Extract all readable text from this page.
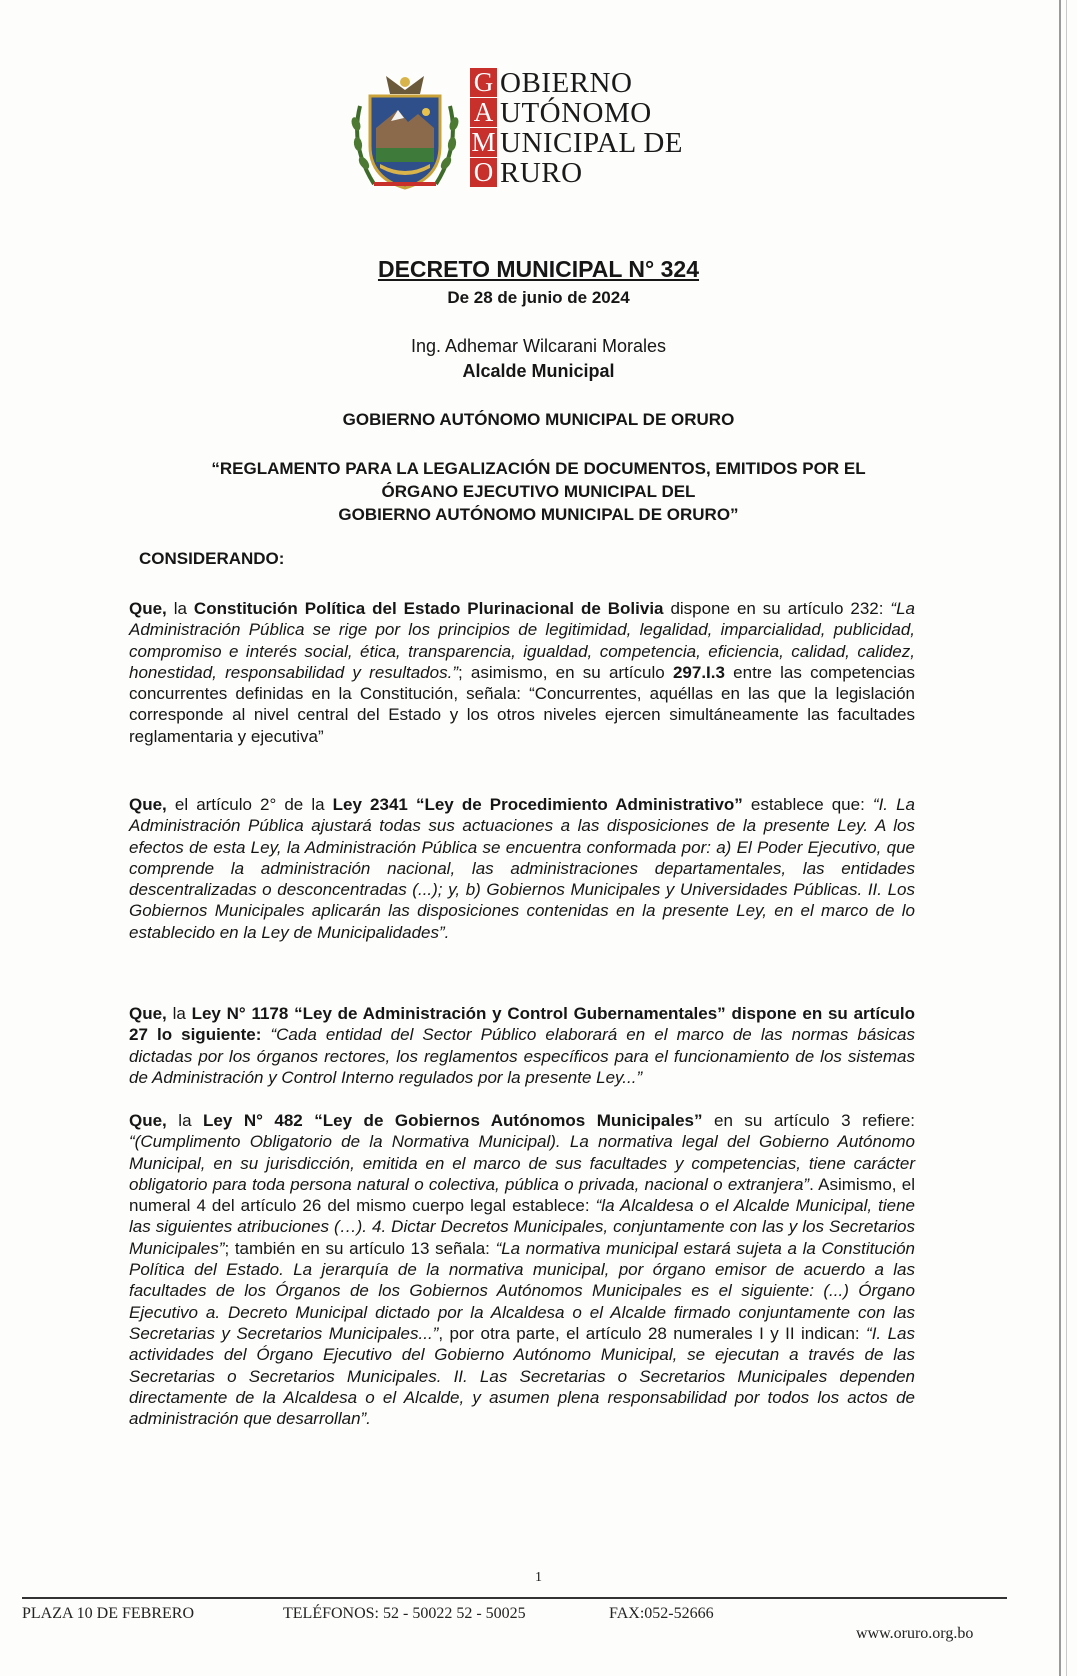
G
A
M
O
OBIERNO
UTÓNOMO
UNICIPAL DE
RURO
DECRETO MUNICIPAL N° 324
De 28 de junio de 2024
Ing. Adhemar Wilcarani Morales
Alcalde Municipal
GOBIERNO AUTÓNOMO MUNICIPAL DE ORURO
“REGLAMENTO PARA LA LEGALIZACIÓN DE DOCUMENTOS, EMITIDOS POR EL
ÓRGANO EJECUTIVO MUNICIPAL DEL
GOBIERNO AUTÓNOMO MUNICIPAL DE ORURO”
CONSIDERANDO:
Que, la Constitución Política del Estado Plurinacional de Bolivia dispone en su artículo 232: “La Administración Pública se rige por los principios de legitimidad, legalidad, imparcialidad, publicidad, compromiso e interés social, ética, transparencia, igualdad, competencia, eficiencia, calidad, calidez, honestidad, responsabilidad y resultados.”; asimismo, en su artículo 297.I.3 entre las competencias concurrentes definidas en la Constitución, señala: “Concurrentes, aquéllas en las que la legislación corresponde al nivel central del Estado y los otros niveles ejercen simultáneamente las facultades reglamentaria y ejecutiva”
Que, el artículo 2° de la Ley 2341 “Ley de Procedimiento Administrativo” establece que: “I. La Administración Pública ajustará todas sus actuaciones a las disposiciones de la presente Ley. A los efectos de esta Ley, la Administración Pública se encuentra conformada por: a) El Poder Ejecutivo, que comprende la administración nacional, las administraciones departamentales, las entidades descentralizadas o desconcentradas (...); y, b) Gobiernos Municipales y Universidades Públicas. II. Los Gobiernos Municipales aplicarán las disposiciones contenidas en la presente Ley, en el marco de lo establecido en la Ley de Municipalidades”.
Que, la Ley N° 1178 “Ley de Administración y Control Gubernamentales” dispone en su artículo 27 lo siguiente: “Cada entidad del Sector Público elaborará en el marco de las normas básicas dictadas por los órganos rectores, los reglamentos específicos para el funcionamiento de los sistemas de Administración y Control Interno regulados por la presente Ley...”
Que, la Ley N° 482 “Ley de Gobiernos Autónomos Municipales” en su artículo 3 refiere: “(Cumplimento Obligatorio de la Normativa Municipal). La normativa legal del Gobierno Autónomo Municipal, en su jurisdicción, emitida en el marco de sus facultades y competencias, tiene carácter obligatorio para toda persona natural o colectiva, pública o privada, nacional o extranjera”. Asimismo, el numeral 4 del artículo 26 del mismo cuerpo legal establece: “la Alcaldesa o el Alcalde Municipal, tiene las siguientes atribuciones (…). 4. Dictar Decretos Municipales, conjuntamente con las y los Secretarios Municipales”; también en su artículo 13 señala: “La normativa municipal estará sujeta a la Constitución Política del Estado. La jerarquía de la normativa municipal, por órgano emisor de acuerdo a las facultades de los Órganos de los Gobiernos Autónomos Municipales es el siguiente: (...) Órgano Ejecutivo a. Decreto Municipal dictado por la Alcaldesa o el Alcalde firmado conjuntamente con las Secretarias y Secretarios Municipales...”, por otra parte, el artículo 28 numerales I y II indican: “I. Las actividades del Órgano Ejecutivo del Gobierno Autónomo Municipal, se ejecutan a través de las Secretarias o Secretarios Municipales. II. Las Secretarias o Secretarios Municipales dependen directamente de la Alcaldesa o el Alcalde, y asumen plena responsabilidad por todos los actos de administración que desarrollan”.
1
PLAZA 10 DE FEBRERO	TELÉFONOS: 52 - 50022 52 - 50025	FAX:052-52666
www.oruro.org.bo
